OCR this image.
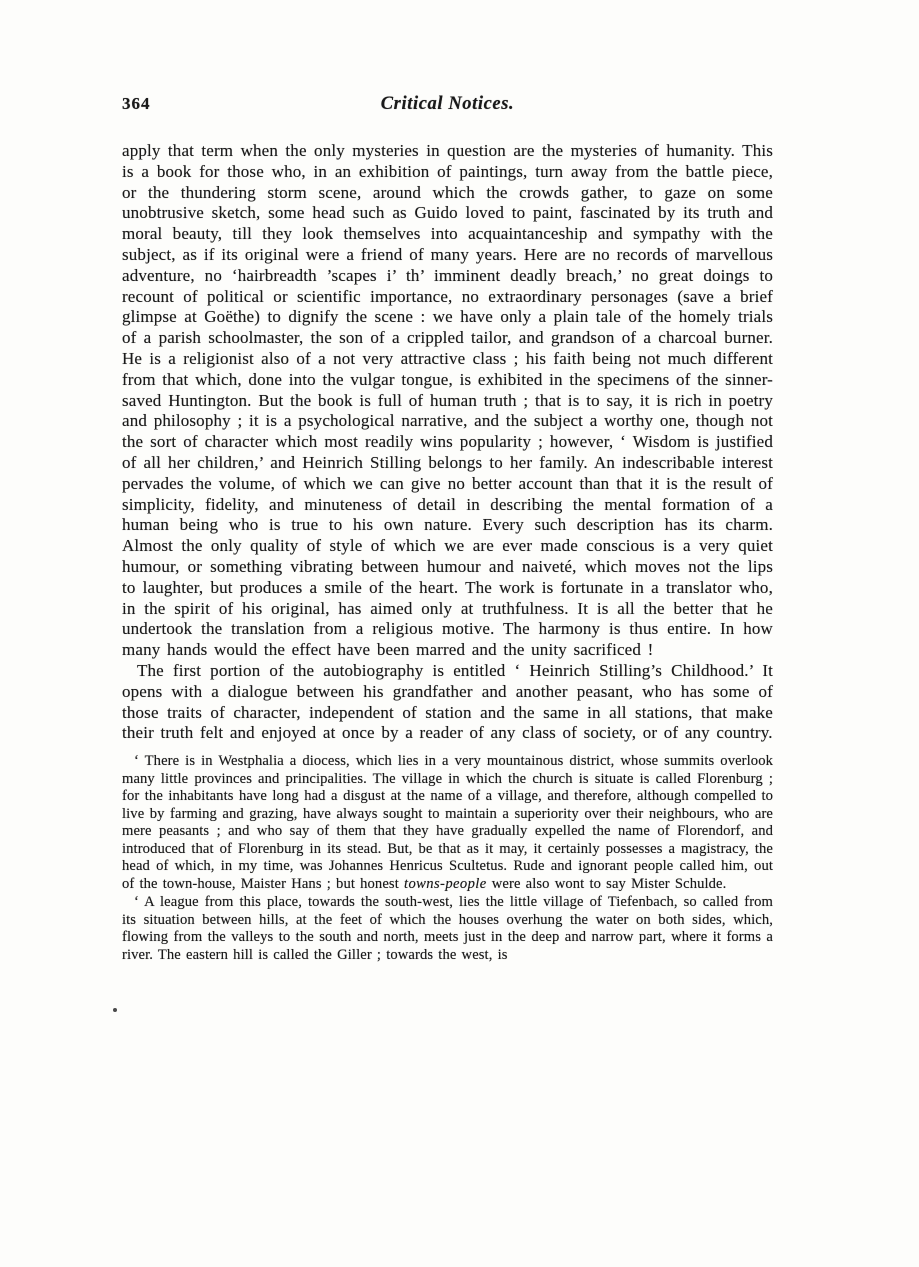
364	Critical Notices.

apply that term when the only mysteries in question are the mysteries of humanity. This is a book for those who, in an exhibition of paintings, turn away from the battle piece, or the thundering storm scene, around which the crowds gather, to gaze on some unobtrusive sketch, some head such as Guido loved to paint, fascinated by its truth and moral beauty, till they look themselves into acquaintanceship and sympathy with the subject, as if its original were a friend of many years. Here are no records of marvellous adventure, no ‘hairbreadth ’scapes i’ th’ imminent deadly breach,’ no great doings to recount of political or scientific importance, no extraordinary personages (save a brief glimpse at Goëthe) to dignify the scene : we have only a plain tale of the homely trials of a parish schoolmaster, the son of a crippled tailor, and grandson of a charcoal burner. He is a religionist also of a not very attractive class ; his faith being not much different from that which, done into the vulgar tongue, is exhibited in the specimens of the sinner-saved Huntington. But the book is full of human truth ; that is to say, it is rich in poetry and philosophy ; it is a psychological narrative, and the subject a worthy one, though not the sort of character which most readily wins popularity ; however, ‘ Wisdom is justified of all her children,’ and Heinrich Stilling belongs to her family. An indescribable interest pervades the volume, of which we can give no better account than that it is the result of simplicity, fidelity, and minuteness of detail in describing the mental formation of a human being who is true to his own nature. Every such description has its charm. Almost the only quality of style of which we are ever made conscious is a very quiet humour, or something vibrating between humour and naiveté, which moves not the lips to laughter, but produces a smile of the heart. The work is fortunate in a translator who, in the spirit of his original, has aimed only at truthfulness. It is all the better that he undertook the translation from a religious motive. The harmony is thus entire. In how many hands would the effect have been marred and the unity sacrificed !

The first portion of the autobiography is entitled ‘ Heinrich Stilling’s Childhood.’ It opens with a dialogue between his grandfather and another peasant, who has some of those traits of character, independent of station and the same in all stations, that make their truth felt and enjoyed at once by a reader of any class of society, or of any country.

‘ There is in Westphalia a diocess, which lies in a very mountainous district, whose summits overlook many little provinces and principalities. The village in which the church is situate is called Florenburg ; for the inhabitants have long had a disgust at the name of a village, and therefore, although compelled to live by farming and grazing, have always sought to maintain a superiority over their neighbours, who are mere peasants ; and who say of them that they have gradually expelled the name of Florendorf, and introduced that of Florenburg in its stead. But, be that as it may, it certainly possesses a magistracy, the head of which, in my time, was Johannes Henricus Scultetus. Rude and ignorant people called him, out of the town-house, Maister Hans ; but honest towns-people were also wont to say Mister Schulde.

‘ A league from this place, towards the south-west, lies the little village of Tiefenbach, so called from its situation between hills, at the feet of which the houses overhung the water on both sides, which, flowing from the valleys to the south and north, meets just in the deep and narrow part, where it forms a river. The eastern hill is called the Giller ; towards the west, is
